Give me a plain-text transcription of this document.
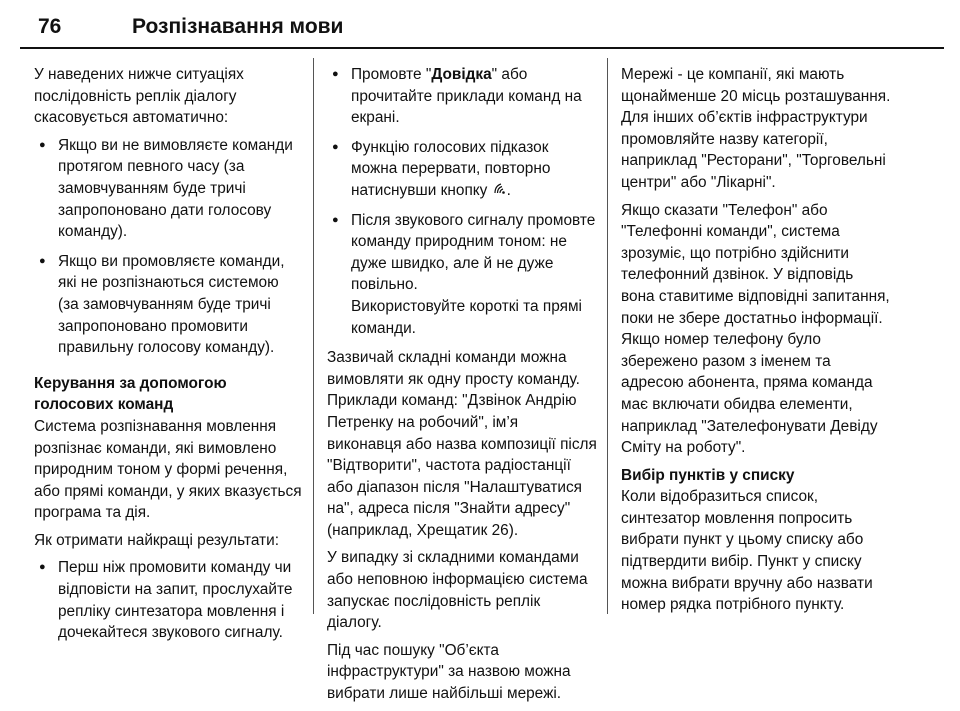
76	Розпізнавання мови

У наведених нижче ситуаціях послідовність реплік діалогу скасовується автоматично:

● Якщо ви не вимовляєте команди протягом певного часу (за замовчуванням буде тричі запропоновано дати голосову команду).
● Якщо ви промовляєте команди, які не розпізнаються системою (за замовчуванням буде тричі запропоновано промовити правильну голосову команду).

Керування за допомогою голосових команд

Система розпізнавання мовлення розпізнає команди, які вимовлено природним тоном у формі речення, або прямі команди, у яких вказується програма та дія.

Як отримати найкращі результати:

● Перш ніж промовити команду чи відповісти на запит, прослухайте репліку синтезатора мовлення і дочекайтеся звукового сигналу.
● Промовте "Довідка" або прочитайте приклади команд на екрані.
● Функцію голосових підказок можна перервати, повторно натиснувши кнопку .
● Після звукового сигналу промовте команду природним тоном: не дуже швидко, але й не дуже повільно.
Використовуйте короткі та прямі команди.

Зазвичай складні команди можна вимовляти як одну просту команду. Приклади команд: "Дзвінок Андрію Петренку на робочий", ім’я виконавця або назва композиції після "Відтворити", частота радіостанції або діапазон після "Налаштуватися на", адреса після "Знайти адресу" (наприклад, Хрещатик 26).

У випадку зі складними командами або неповною інформацією система запускає послідовність реплік діалогу.

Під час пошуку "Об’єкта інфраструктури" за назвою можна вибрати лише найбільші мережі.

Мережі - це компанії, які мають щонайменше 20 місць розташування. Для інших об’єктів інфраструктури промовляйте назву категорії, наприклад "Ресторани", "Торговельні центри" або "Лікарні".

Якщо сказати "Телефон" або "Телефонні команди", система зрозуміє, що потрібно здійснити телефонний дзвінок. У відповідь вона ставитиме відповідні запитання, поки не збере достатньо інформації. Якщо номер телефону було збережено разом з іменем та адресою абонента, пряма команда має включати обидва елементи, наприклад "Зателефонувати Девіду Сміту на роботу".

Вибір пунктів у списку

Коли відобразиться список, синтезатор мовлення попросить вибрати пункт у цьому списку або підтвердити вибір. Пункт у списку можна вибрати вручну або назвати номер рядка потрібного пункту.
